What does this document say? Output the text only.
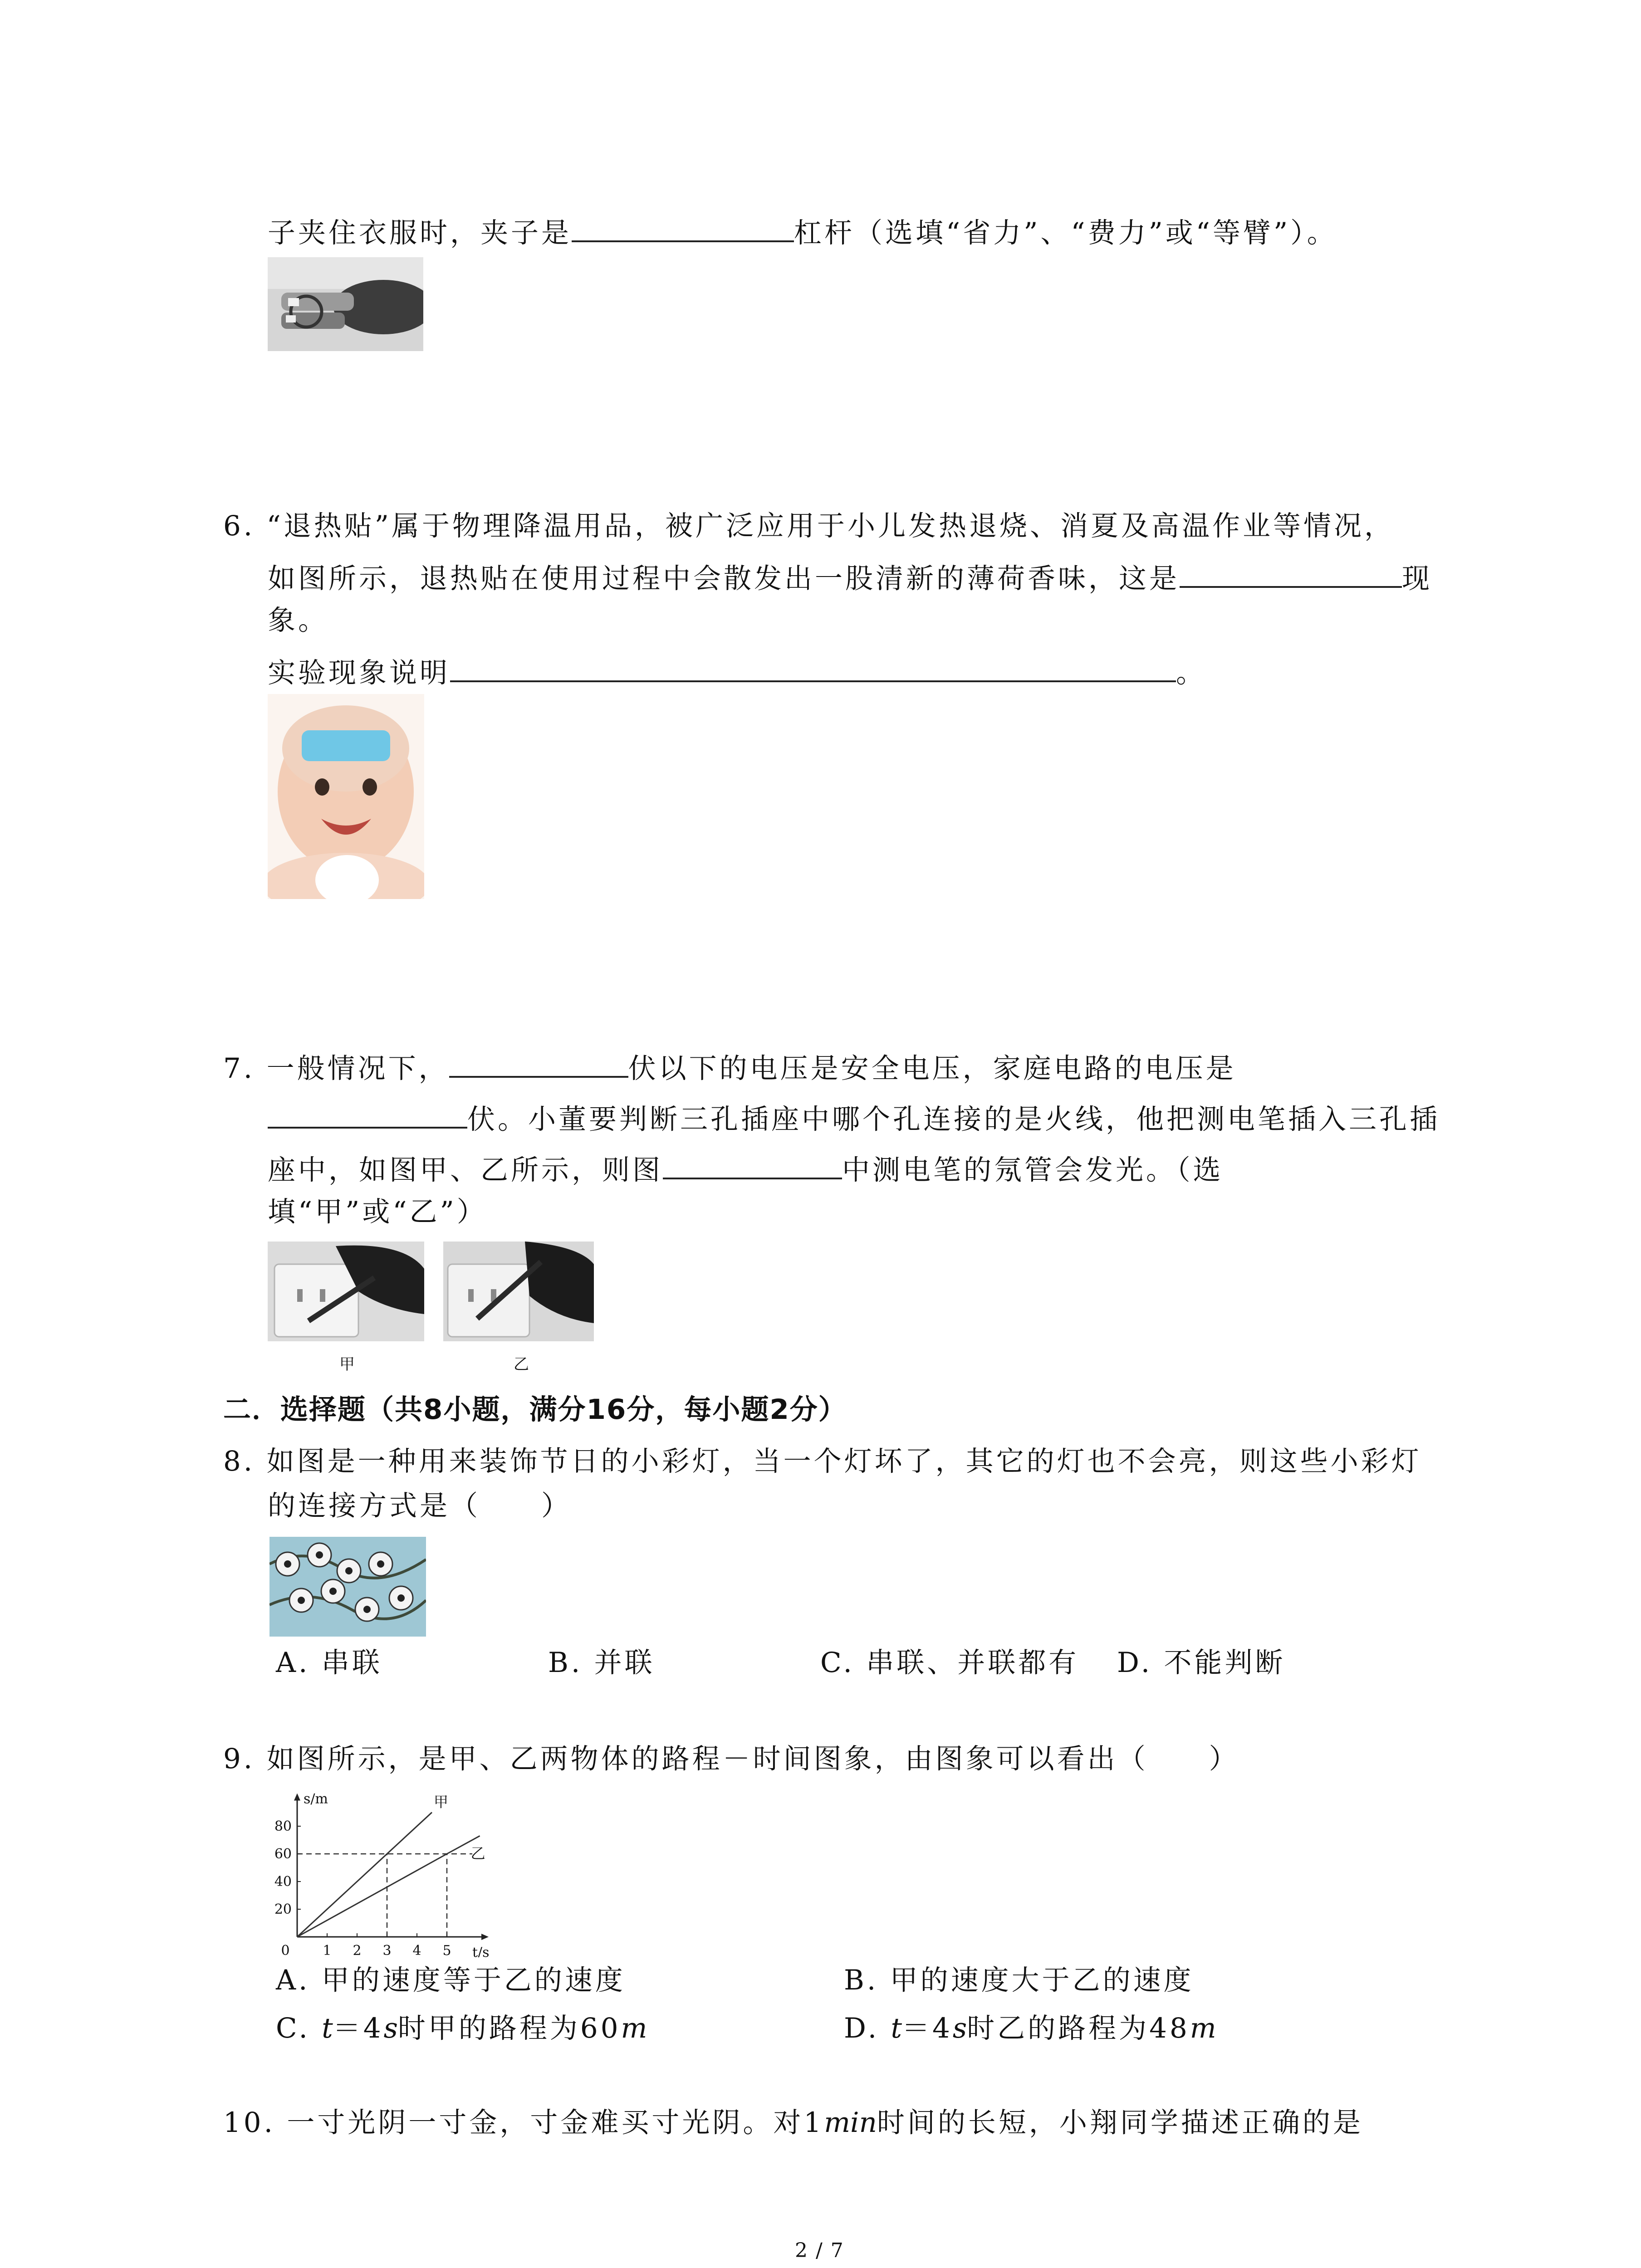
子夹住衣服时，夹子是	杠杆（选填“省力”、“费力”或“等臂”）。
6. “退热贴”属于物理降温用品，被广泛应用于小儿发热退烧、消夏及高温作业等情况，
如图所示，退热贴在使用过程中会散发出一股清新的薄荷香味，这是	现
象。
实验现象说明	。
7. 一般情况下，	伏以下的电压是安全电压，家庭电路的电压是
伏。小董要判断三孔插座中哪个孔连接的是火线，他把测电笔插入三孔插
座中，如图甲、乙所示，则图	中测电笔的氖管会发光。（选
填“甲”或“乙”）
甲	乙
二．选择题（共8小题，满分16分，每小题2分）
8. 如图是一种用来装饰节日的小彩灯，当一个灯坏了，其它的灯也不会亮，则这些小彩灯
的连接方式是（　　）
A. 串联	B. 并联	C. 串联、并联都有 D. 不能判断
9. 如图所示，是甲、乙两物体的路程－时间图象，由图象可以看出（　　）
0 1 2 3 4 5
20
40
60
80
甲
乙
s/m
t/s
A. 甲的速度等于乙的速度	B. 甲的速度大于乙的速度
C. t＝4s时甲的路程为60m	D. t＝4s时乙的路程为48m
10. 一寸光阴一寸金，寸金难买寸光阴。对1min时间的长短，小翔同学描述正确的是
2 / 7
